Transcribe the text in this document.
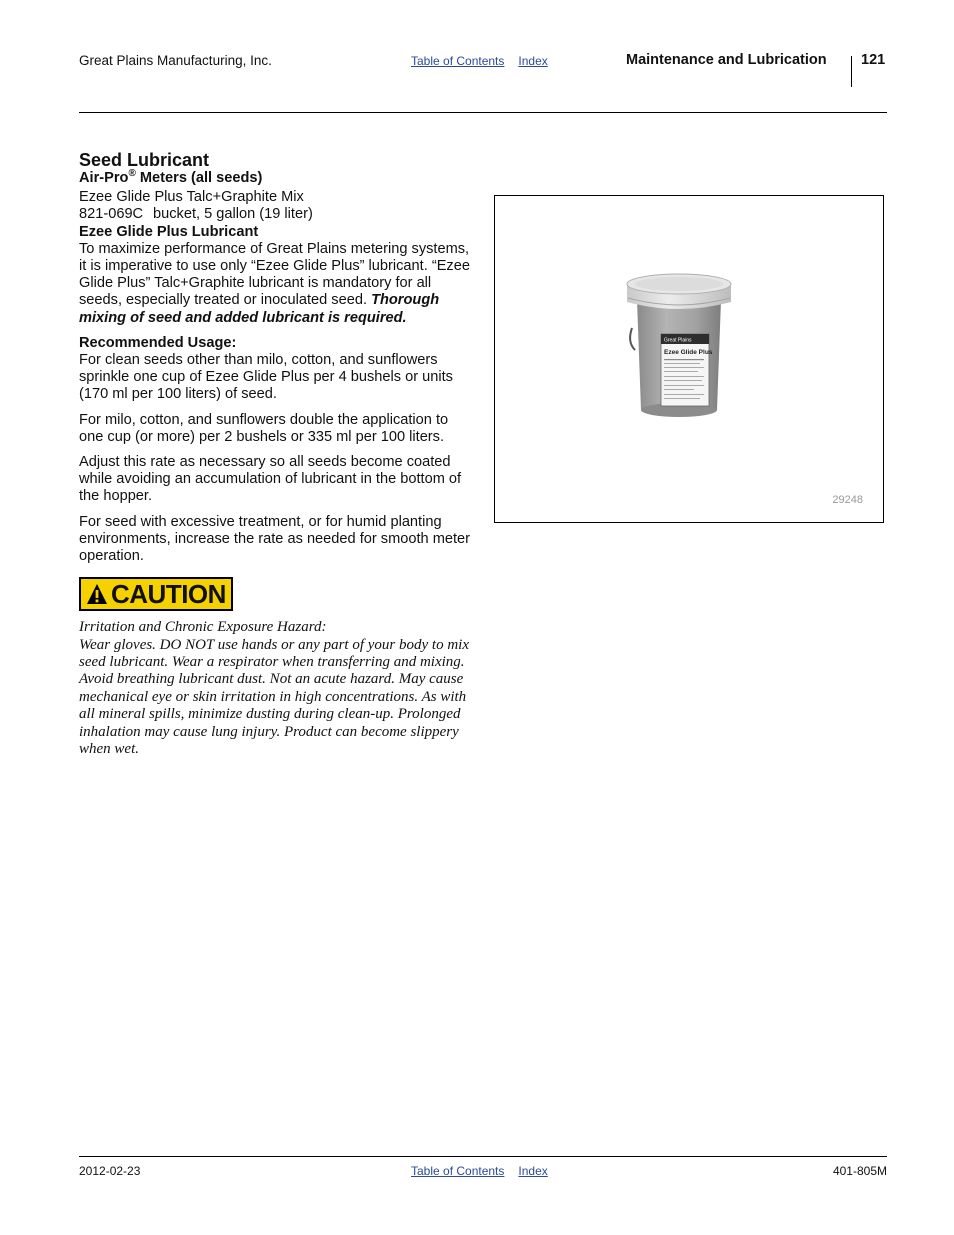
Great Plains Manufacturing, Inc.	Table of Contents Index	Maintenance and Lubrication 121

Seed Lubricant

Air-Pro® Meters (all seeds)

Ezee Glide Plus Talc+Graphite Mix

821-069C bucket, 5 gallon (19 liter)

Ezee Glide Plus Lubricant

To maximize performance of Great Plains metering systems, it is imperative to use only “Ezee Glide Plus” lubricant. “Ezee Glide Plus” Talc+Graphite lubricant is mandatory for all seeds, especially treated or inoculated seed. Thorough mixing of seed and added lubricant is required.

Recommended Usage:

For clean seeds other than milo, cotton, and sunflowers sprinkle one cup of Ezee Glide Plus per 4 bushels or units (170 ml per 100 liters) of seed.

For milo, cotton, and sunflowers double the application to one cup (or more) per 2 bushels or 335 ml per 100 liters.

Adjust this rate as necessary so all seeds become coated while avoiding an accumulation of lubricant in the bottom of the hopper.

For seed with excessive treatment, or for humid planting environments, increase the rate as needed for smooth meter operation.

CAUTION
Irritation and Chronic Exposure Hazard:
Wear gloves. DO NOT use hands or any part of your body to mix seed lubricant. Wear a respirator when transferring and mixing. Avoid breathing lubricant dust. Not an acute hazard. May cause mechanical eye or skin irritation in high concentrations. As with all mineral spills, minimize dusting during clean-up. Prolonged inhalation may cause lung injury. Product can become slippery when wet.
Great Plains
Ezee Glide Plus
29248
2012-02-23	Table of Contents Index	401-805M
